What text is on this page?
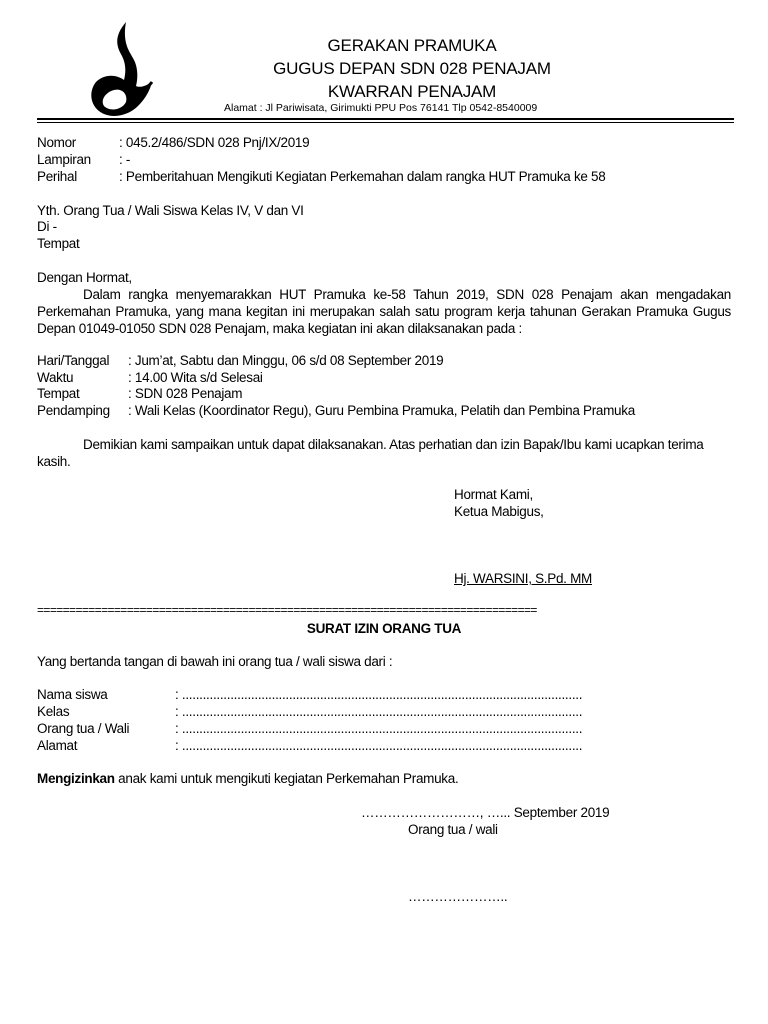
GERAKAN PRAMUKA
GUGUS DEPAN SDN 028 PENAJAM
KWARRAN PENAJAM
Alamat : Jl Pariwisata, Girimukti PPU Pos 76141 Tlp 0542-8540009
Nomor	: 045.2/486/SDN 028 Pnj/IX/2019
Lampiran : -
Perihal	: Pemberitahuan Mengikuti Kegiatan Perkemahan dalam rangka HUT Pramuka ke 58
Yth. Orang Tua / Wali Siswa Kelas IV, V dan VI
Di -
Tempat
Dengan Hormat,
Dalam rangka menyemarakkan HUT Pramuka ke-58 Tahun 2019, SDN 028 Penajam akan mengadakan Perkemahan Pramuka, yang mana kegitan ini merupakan salah satu program kerja tahunan Gerakan Pramuka Gugus Depan 01049-01050 SDN 028 Penajam, maka kegiatan ini akan dilaksanakan pada :
Hari/Tanggal : Jum’at, Sabtu dan Minggu, 06 s/d 08 September 2019
Waktu	: 14.00 Wita s/d Selesai
Tempat	: SDN 028 Penajam
Pendamping : Wali Kelas (Koordinator Regu), Guru Pembina Pramuka, Pelatih dan Pembina Pramuka
Demikian kami sampaikan untuk dapat dilaksanakan. Atas perhatian dan izin Bapak/Ibu kami ucapkan terima kasih.
Hormat Kami,
Ketua Mabigus,
Hj. WARSINI, S.Pd. MM
==============================================================================
SURAT IZIN ORANG TUA
Yang bertanda tangan di bawah ini orang tua / wali siswa dari :
Nama siswa	: ....................................................................................................................
Kelas	: ....................................................................................................................
Orang tua / Wali	: ....................................................................................................................
Alamat	: ....................................................................................................................
Mengizinkan anak kami untuk mengikuti kegiatan Perkemahan Pramuka.
………………………, …... September 2019
Orang tua / wali
…………………..
